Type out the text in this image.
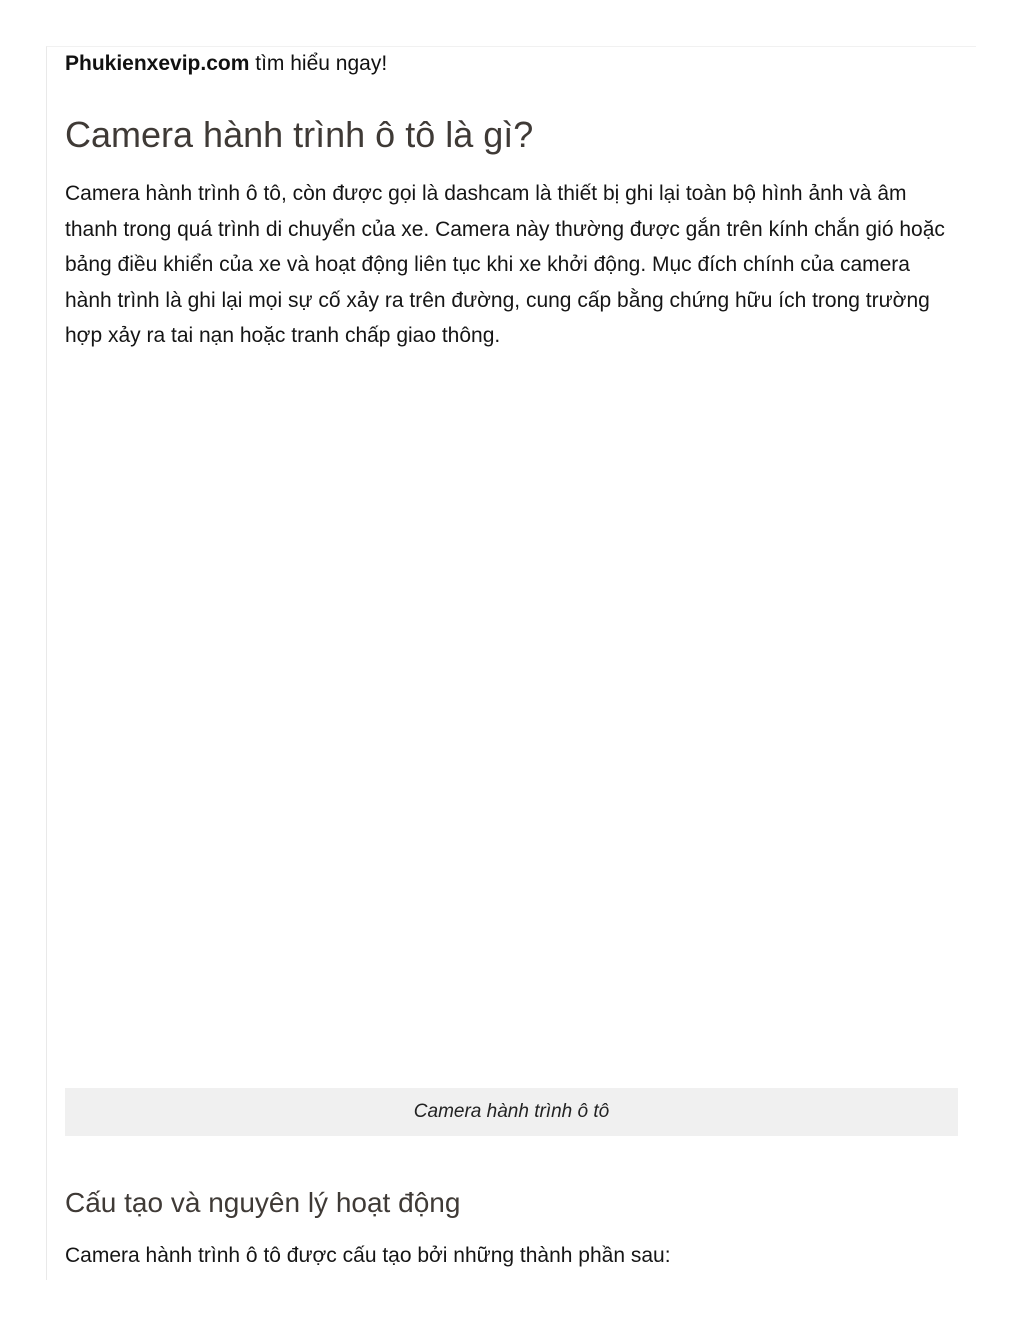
Phukienxevip.com tìm hiểu ngay!

Camera hành trình ô tô là gì?

Camera hành trình ô tô, còn được gọi là dashcam là thiết bị ghi lại toàn bộ hình ảnh và âm thanh trong quá trình di chuyển của xe. Camera này thường được gắn trên kính chắn gió hoặc bảng điều khiển của xe và hoạt động liên tục khi xe khởi động. Mục đích chính của camera hành trình là ghi lại mọi sự cố xảy ra trên đường, cung cấp bằng chứng hữu ích trong trường hợp xảy ra tai nạn hoặc tranh chấp giao thông.

Camera hành trình ô tô
Cấu tạo và nguyên lý hoạt động

Camera hành trình ô tô được cấu tạo bởi những thành phần sau:
